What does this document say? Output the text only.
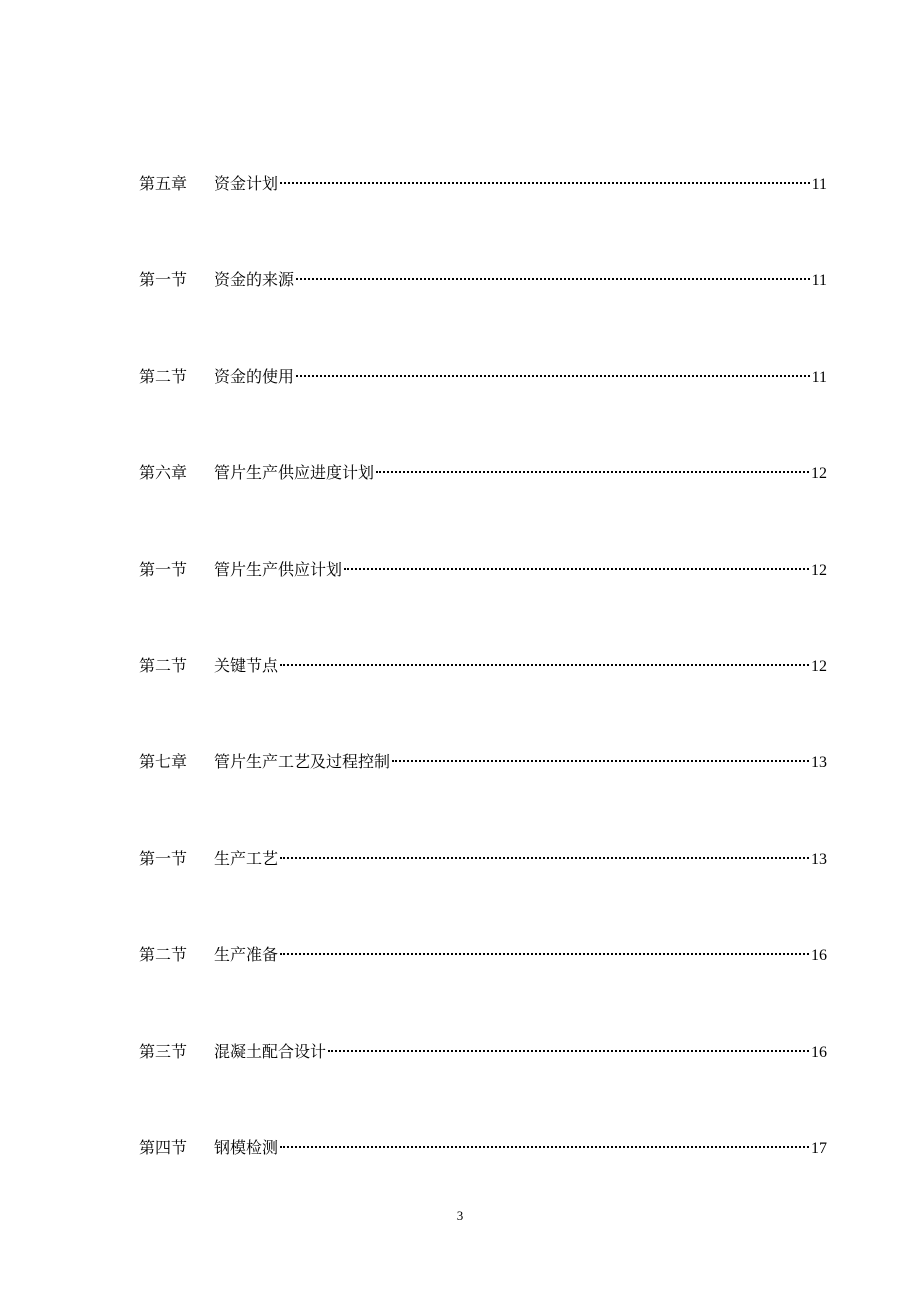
第五章	资金计划	11
第一节	资金的来源	11
第二节	资金的使用	11
第六章	管片生产供应进度计划	12
第一节	管片生产供应计划	12
第二节	关键节点	12
第七章	管片生产工艺及过程控制	13
第一节	生产工艺	13
第二节	生产准备	16
第三节	混凝土配合设计	16
第四节	钢模检测	17
3
